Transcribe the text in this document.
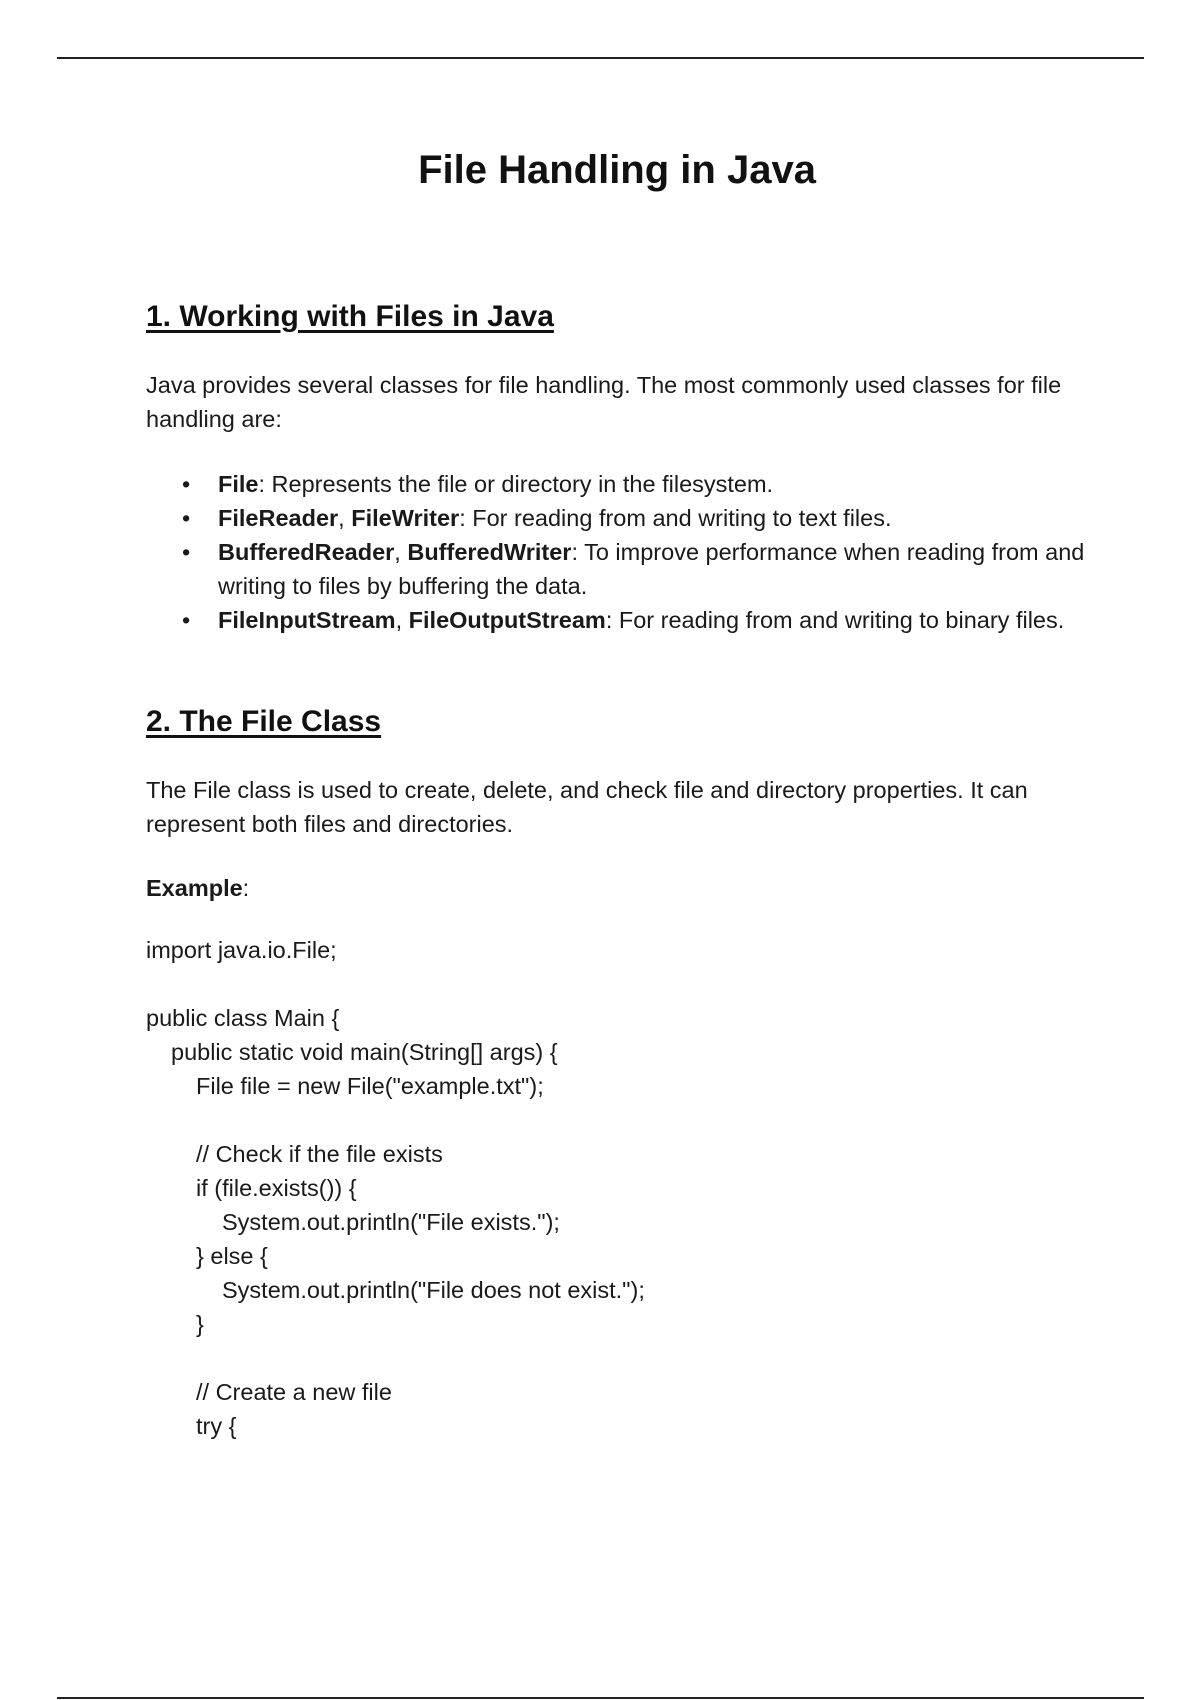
File Handling in Java
1. Working with Files in Java
Java provides several classes for file handling. The most commonly used classes for file handling are:
• File: Represents the file or directory in the filesystem.
• FileReader, FileWriter: For reading from and writing to text files.
• BufferedReader, BufferedWriter: To improve performance when reading from and writing to files by buffering the data.
• FileInputStream, FileOutputStream: For reading from and writing to binary files.
2. The File Class
The File class is used to create, delete, and check file and directory properties. It can represent both files and directories.
Example:
import java.io.File;
public class Main {
public static void main(String[] args) {
File file = new File("example.txt");
// Check if the file exists
if (file.exists()) {
System.out.println("File exists.");
} else {
System.out.println("File does not exist.");
}
// Create a new file
try {
